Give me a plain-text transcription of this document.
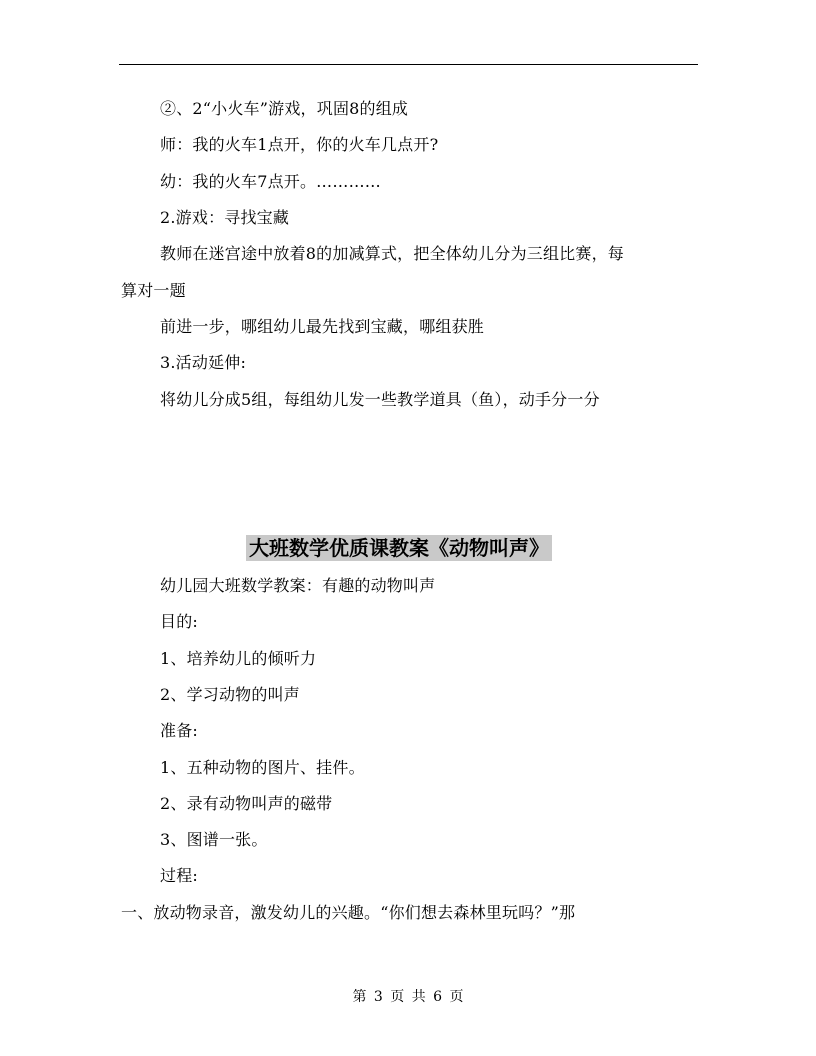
②、2“小火车”游戏，巩固8的组成
师：我的火车1点开，你的火车几点开?
幼：我的火车7点开。…………
2.游戏：寻找宝藏
教师在迷宫途中放着8的加减算式，把全体幼儿分为三组比赛，每
算对一题
前进一步，哪组幼儿最先找到宝藏，哪组获胜
3.活动延伸:
将幼儿分成5组，每组幼儿发一些教学道具（鱼），动手分一分
大班数学优质课教案《动物叫声》
幼儿园大班数学教案：有趣的动物叫声
目的:
1、培养幼儿的倾听力
2、学习动物的叫声
准备:
1、五种动物的图片、挂件。
2、录有动物叫声的磁带
3、图谱一张。
过程:
一、放动物录音，激发幼儿的兴趣。“你们想去森林里玩吗？”那
第 3 页 共 6 页
